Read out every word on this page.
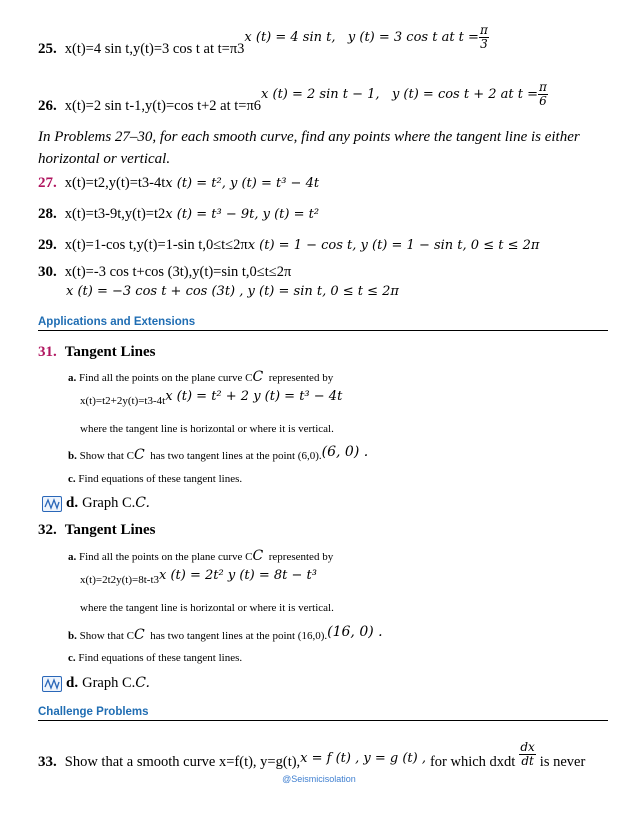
25. x(t)=4 sin t,y(t)=3 cos t at $t=\pi 3^{x (t) = 4 sin t, y (t) = 3 cos t at t = \frac{\pi}{3}}$
26. x(t)=2 sin t-1,y(t)=cos t+2 at $t=\pi 6^{x (t) = 2 sin t - 1, y (t) = cos t + 2 at t = \frac{\pi}{6}}$
In Problems 27–30, for each smooth curve, find any points where the tangent line is either horizontal or vertical.
27. x(t)=t2,y(t)=t3-4tx (t) = t², y (t) = t³ − 4t
28. x(t)=t3-9t,y(t)=t2x (t) = t³ − 9t, y (t) = t²
29. x(t)=1-cos t,y(t)=1-sin t,0≤t≤2πx (t) = 1 − cos t, y (t) = 1 − sin t, 0 ≤ t ≤ 2π
30. x(t)=-3 cos t+cos (3t),y(t)=sin t,0≤t≤2π
x (t) = −3 cos t + cos (3t) , y (t) = sin t, 0 ≤ t ≤ 2π
Applications and Extensions
31. Tangent Lines
a. Find all the points on the plane curve CC represented by
x(t)=t2+2y(t)=t3-4tx (t) = t² + 2 y (t) = t³ − 4t
where the tangent line is horizontal or where it is vertical.
b. Show that CC has two tangent lines at the point (6,0).(6, 0) .
c. Find equations of these tangent lines.
d. Graph C.C.
32. Tangent Lines
a. Find all the points on the plane curve CC represented by
x(t)=2t2y(t)=8t-t3x (t) = 2t² y (t) = 8t − t³
where the tangent line is horizontal or where it is vertical.
b. Show that CC has two tangent lines at the point (16,0).(16, 0) .
c. Find equations of these tangent lines.
d. Graph C.C.
Challenge Problems
33. Show that a smooth curve x=f(t), y=g(t),$^{x = f (t) , y = g (t) ,}$ for which dxdt $\frac{dx}{dt}$ is never
@Seismicisolation
